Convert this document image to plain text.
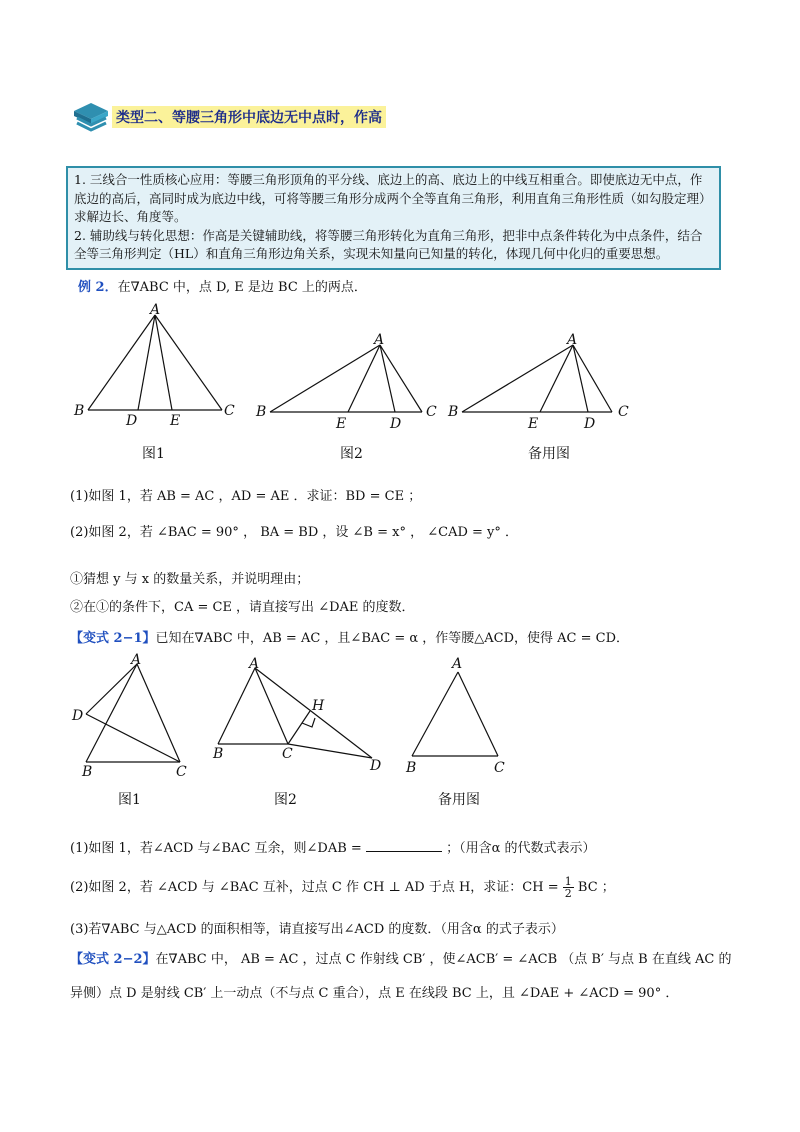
类型二、等腰三角形中底边无中点时，作高

1. 三线合一性质核心应用：等腰三角形顶角的平分线、底边上的高、底边上的中线互相重合。即使底边无中点，作底边的高后，高同时成为底边中线，可将等腰三角形分成两个全等直角三角形，利用直角三角形性质（如勾股定理）求解边长、角度等。

2. 辅助线与转化思想：作高是关键辅助线，将等腰三角形转化为直角三角形，把非中点条件转化为中点条件，结合全等三角形判定（HL）和直角三角形边角关系，实现未知量向已知量的转化，体现几何中化归的重要思想。

例 2．在∇ABC 中，点 D, E 是边 BC 上的两点．
A
B	C
D E
A
B	C
E	D
A
B	C
E	D
图1	图2	备用图
(1)如图 1，若 AB = AC ，AD = AE ．求证：BD = CE ；
(2)如图 2，若 ∠BAC = 90° ， BA = BD ，设 ∠B = x° ， ∠CAD = y° ．
①猜想 y 与 x 的数量关系，并说明理由；
②在①的条件下，CA = CE ，请直接写出 ∠DAE 的度数．
【变式 2−1】已知在∇ABC 中，AB = AC ，且∠BAC = α ，作等腰△ACD，使得 AC = CD．
A
D
B	C
A
H
B	C
D
A
B	C
图1	图2	备用图
(1)如图 1，若∠ACD 与∠BAC 互余，则∠DAB =	；（用含α 的代数式表示）
(2)如图 2，若 ∠ACD 与 ∠BAC 互补，过点 C 作 CH ⊥ AD 于点 H，求证：CH = $\frac{1}{2}$ BC ；
(3)若∇ABC 与△ACD 的面积相等，请直接写出∠ACD 的度数．（用含α 的式子表示）
【变式 2−2】在∇ABC 中， AB = AC ，过点 C 作射线 CB′ ，使∠ACB′ = ∠ACB （点 B′ 与点 B 在直线 AC 的
异侧）点 D 是射线 CB′ 上一动点（不与点 C 重合），点 E 在线段 BC 上，且 ∠DAE + ∠ACD = 90° ．
